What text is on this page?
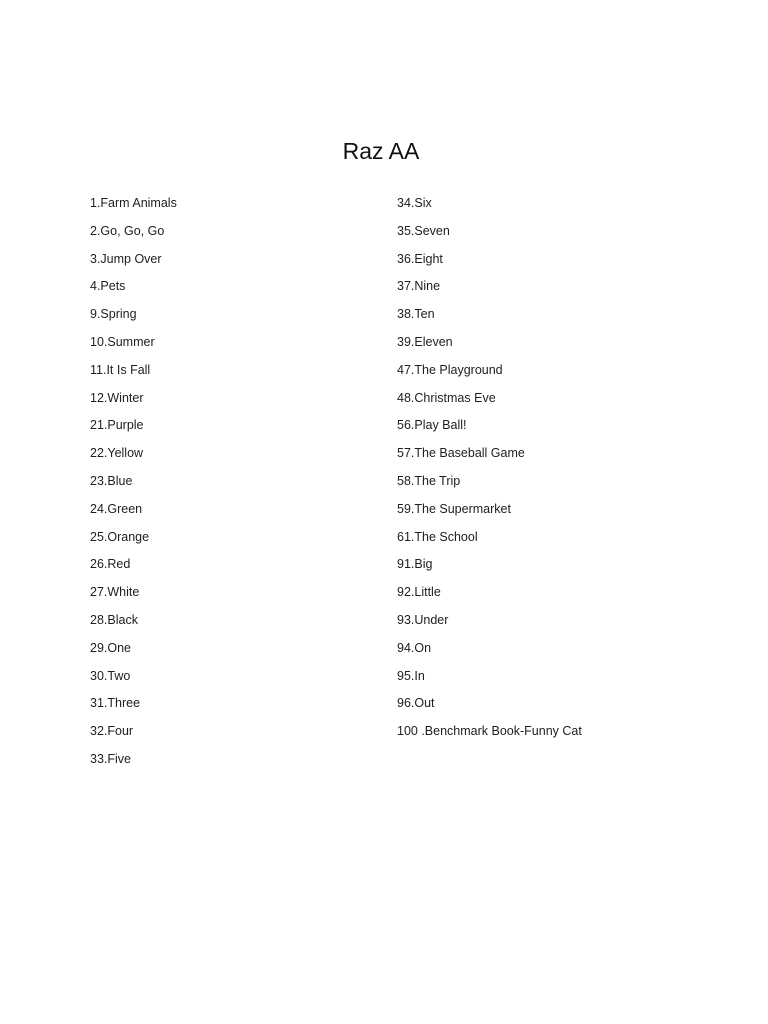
Raz AA
1.Farm Animals
2.Go, Go, Go
3.Jump Over
4.Pets
9.Spring
10.Summer
11.It Is Fall
12.Winter
21.Purple
22.Yellow
23.Blue
24.Green
25.Orange
26.Red
27.White
28.Black
29.One
30.Two
31.Three
32.Four
33.Five
34.Six
35.Seven
36.Eight
37.Nine
38.Ten
39.Eleven
47.The Playground
48.Christmas Eve
56.Play Ball!
57.The Baseball Game
58.The Trip
59.The Supermarket
61.The School
91.Big
92.Little
93.Under
94.On
95.In
96.Out
100 .Benchmark Book-Funny Cat
